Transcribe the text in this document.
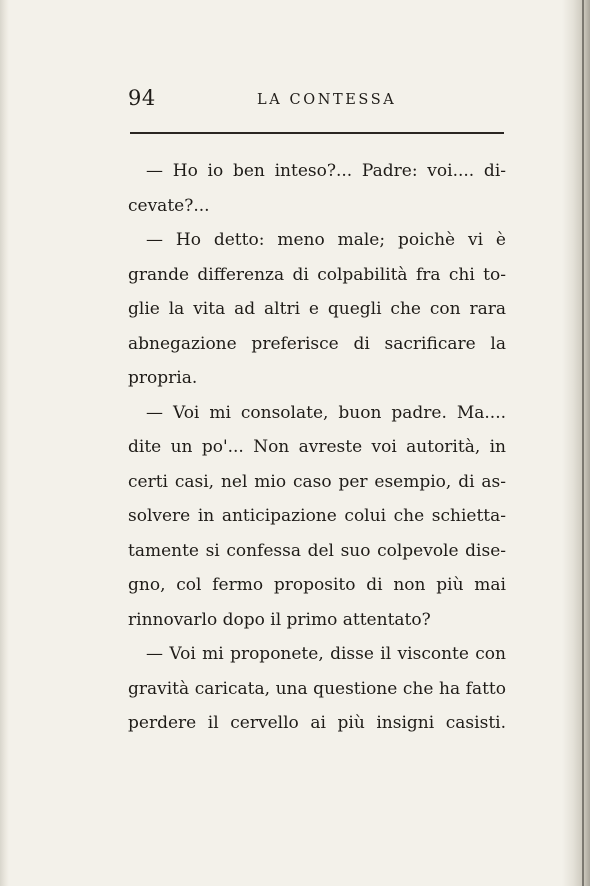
94	LA CONTESSA
— Ho io ben inteso?... Padre: voi.... di-
cevate?...
— Ho detto: meno male; poichè vi è
grande differenza di colpabilità fra chi to-
glie la vita ad altri e quegli che con rara
abnegazione preferisce di sacrificare la
propria.
— Voi mi consolate, buon padre. Ma....
dite un po'... Non avreste voi autorità, in
certi casi, nel mio caso per esempio, di as-
solvere in anticipazione colui che schietta-
tamente si confessa del suo colpevole dise-
gno, col fermo proposito di non più mai
rinnovarlo dopo il primo attentato?
— Voi mi proponete, disse il visconte con
gravità caricata, una questione che ha fatto
perdere il cervello ai più insigni casisti.
